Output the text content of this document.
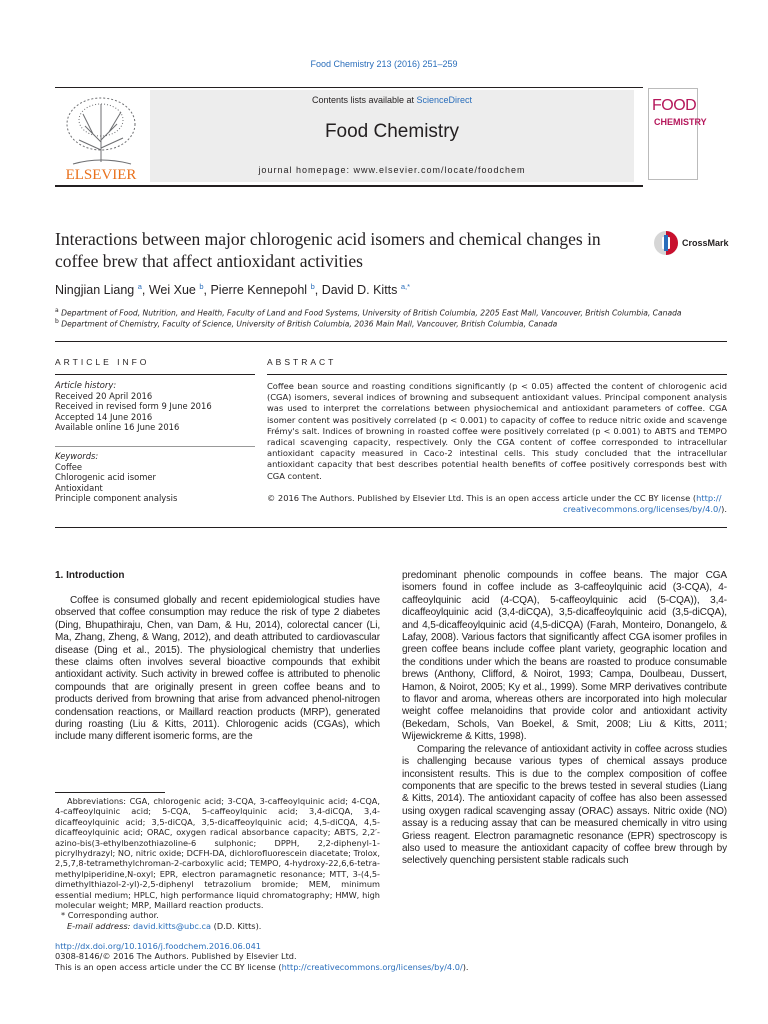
Food Chemistry 213 (2016) 251–259
ELSEVIER
Contents lists available at ScienceDirect
Food Chemistry
journal homepage: www.elsevier.com/locate/foodchem
FOOD
CHEMISTRY
Interactions between major chlorogenic acid isomers and chemical changes in coffee brew that affect antioxidant activities
CrossMark
Ningjian Liang $^a$, Wei Xue $^b$, Pierre Kennepohl $^b$, David D. Kitts $^{a,*}$
$^a$ Department of Food, Nutrition, and Health, Faculty of Land and Food Systems, University of British Columbia, 2205 East Mall, Vancouver, British Columbia, Canada
$^b$ Department of Chemistry, Faculty of Science, University of British Columbia, 2036 Main Mall, Vancouver, British Columbia, Canada
ARTICLE INFO	ABSTRACT
Article history:
Received 20 April 2016
Received in revised form 9 June 2016
Accepted 14 June 2016
Available online 16 June 2016
Keywords:
Coffee
Chlorogenic acid isomer
Antioxidant
Principle component analysis
Coffee bean source and roasting conditions significantly (p < 0.05) affected the content of chlorogenic acid (CGA) isomers, several indices of browning and subsequent antioxidant values. Principal component analysis was used to interpret the correlations between physiochemical and antioxidant parameters of coffee. CGA isomer content was positively correlated (p < 0.001) to capacity of coffee to reduce nitric oxide and scavenge Frémy's salt. Indices of browning in roasted coffee were positively correlated (p < 0.001) to ABTS and TEMPO radical scavenging capacity, respectively. Only the CGA content of coffee corresponded to intracellular antioxidant capacity measured in Caco-2 intestinal cells. This study concluded that the intracellular antioxidant capacity that best describes potential health benefits of coffee positively corresponds best with CGA content.
© 2016 The Authors. Published by Elsevier Ltd. This is an open access article under the CC BY license (http://
creativecommons.org/licenses/by/4.0/).
1. Introduction

Coffee is consumed globally and recent epidemiological studies have observed that coffee consumption may reduce the risk of type 2 diabetes (Ding, Bhupathiraju, Chen, van Dam, & Hu, 2014), colorectal cancer (Li, Ma, Zhang, Zheng, & Wang, 2012), and death attributed to cardiovascular disease (Ding et al., 2015). The physiological chemistry that underlies these claims often involves several bioactive compounds that exhibit antioxidant activity. Such activity in brewed coffee is attributed to phenolic compounds that are originally present in green coffee beans and to products derived from browning that arise from advanced phenol-nitrogen condensation reactions, or Maillard reaction products (MRP), generated during roasting (Liu & Kitts, 2011). Chlorogenic acids (CGAs), which include many different isomeric forms, are the

predominant phenolic compounds in coffee beans. The major CGA isomers found in coffee include as 3-caffeoylquinic acid (3-CQA), 4-caffeoylquinic acid (4-CQA), 5-caffeoylquinic acid (5-CQA)), 3,4-dicaffeoylquinic acid (3,4-diCQA), 3,5-dicaffeoylquinic acid (3,5-diCQA), and 4,5-dicaffeoylquinic acid (4,5-diCQA) (Farah, Monteiro, Donangelo, & Lafay, 2008). Various factors that significantly affect CGA isomer profiles in green coffee beans include coffee plant variety, geographic location and the conditions under which the beans are roasted to produce consumable brews (Anthony, Clifford, & Noirot, 1993; Campa, Doulbeau, Dussert, Hamon, & Noirot, 2005; Ky et al., 1999). Some MRP derivatives contribute to flavor and aroma, whereas others are incorporated into high molecular weight coffee melanoidins that provide color and antioxidant activity (Bekedam, Schols, Van Boekel, & Smit, 2008; Liu & Kitts, 2011; Wijewickreme & Kitts, 1998).

Comparing the relevance of antioxidant activity in coffee across studies is challenging because various types of chemical assays produce inconsistent results. This is due to the complex composition of coffee components that are specific to the brews tested in several studies (Liang & Kitts, 2014). The antioxidant capacity of coffee has also been assessed using oxygen radical scavenging assay (ORAC) assays. Nitric oxide (NO) assay is a reducing assay that can be measured chemically in vitro using Griess reagent. Electron paramagnetic resonance (EPR) spectroscopy is also used to measure the antioxidant capacity of coffee brew through by selectively quenching persistent stable radicals such

Abbreviations: CGA, chlorogenic acid; 3-CQA, 3-caffeoylquinic acid; 4-CQA, 4-caffeoylquinic acid; 5-CQA, 5-caffeoylquinic acid; 3,4-diCQA, 3,4-dicaffeoylquinic acid; 3,5-diCQA, 3,5-dicaffeoylquinic acid; 4,5-diCQA, 4,5-dicaffeoylquinic acid; ORAC, oxygen radical absorbance capacity; ABTS, 2,2′-azino-bis(3-ethylbenzothiazoline-6 sulphonic; DPPH, 2,2-diphenyl-1-picrylhydrazyl; NO, nitric oxide; DCFH-DA, dichlorofluorescein diacetate; Trolox, 2,5,7,8-tetramethylchroman-2-carboxylic acid; TEMPO, 4-hydroxy-22,6,6-tetra-methylpiperidine,N-oxyl; EPR, electron paramagnetic resonance; MTT, 3-(4,5-dimethylthiazol-2-yl)-2,5-diphenyl tetrazolium bromide; MEM, minimum essential medium; HPLC, high performance liquid chromatography; HMW, high molecular weight; MRP, Maillard reaction products.

* Corresponding author.

E-mail address: david.kitts@ubc.ca (D.D. Kitts).

http://dx.doi.org/10.1016/j.foodchem.2016.06.041
0308-8146/© 2016 The Authors. Published by Elsevier Ltd.
This is an open access article under the CC BY license (http://creativecommons.org/licenses/by/4.0/).
